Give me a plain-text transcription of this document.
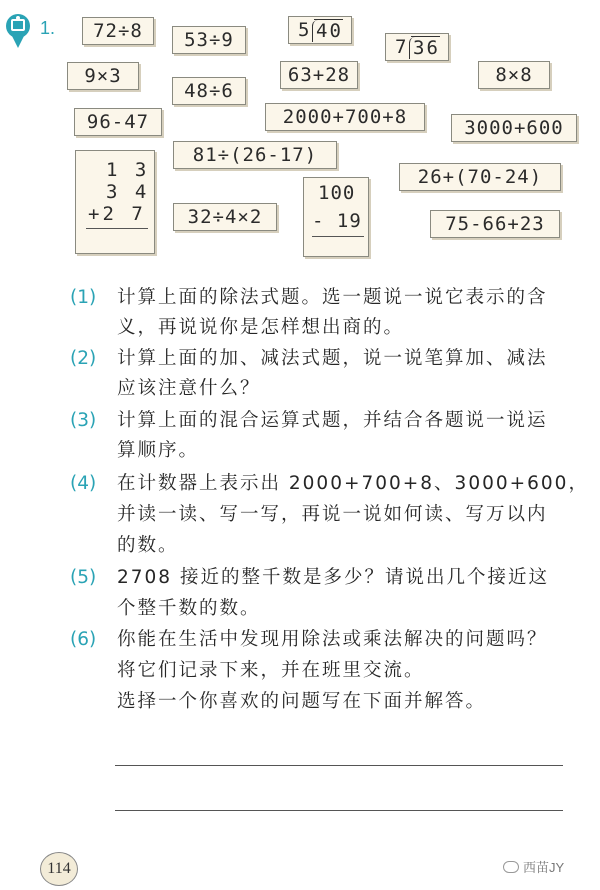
1.	72÷8	53÷9
9×3
48÷6
63+28	8×8
96-47	2000+700+8	3000+600
81÷(26-17)
26+(70-24)
32÷4×2	75-66+23
5 40
7 36
1 3
3 4
+2 7
100
- 19
(1) 计算上面的除法式题。选一题说一说它表示的含
义，再说说你是怎样想出商的。
(2) 计算上面的加、减法式题，说一说笔算加、减法
应该注意什么？
(3) 计算上面的混合运算式题，并结合各题说一说运
算顺序。
(4) 在计数器上表示出 2000+700+8、3000+600，
并读一读、写一写，再说一说如何读、写万以内
的数。
(5) 2708 接近的整千数是多少？请说出几个接近这
个整千数的数。
(6) 你能在生活中发现用除法或乘法解决的问题吗？
将它们记录下来，并在班里交流。
选择一个你喜欢的问题写在下面并解答。
114	西苗JY
